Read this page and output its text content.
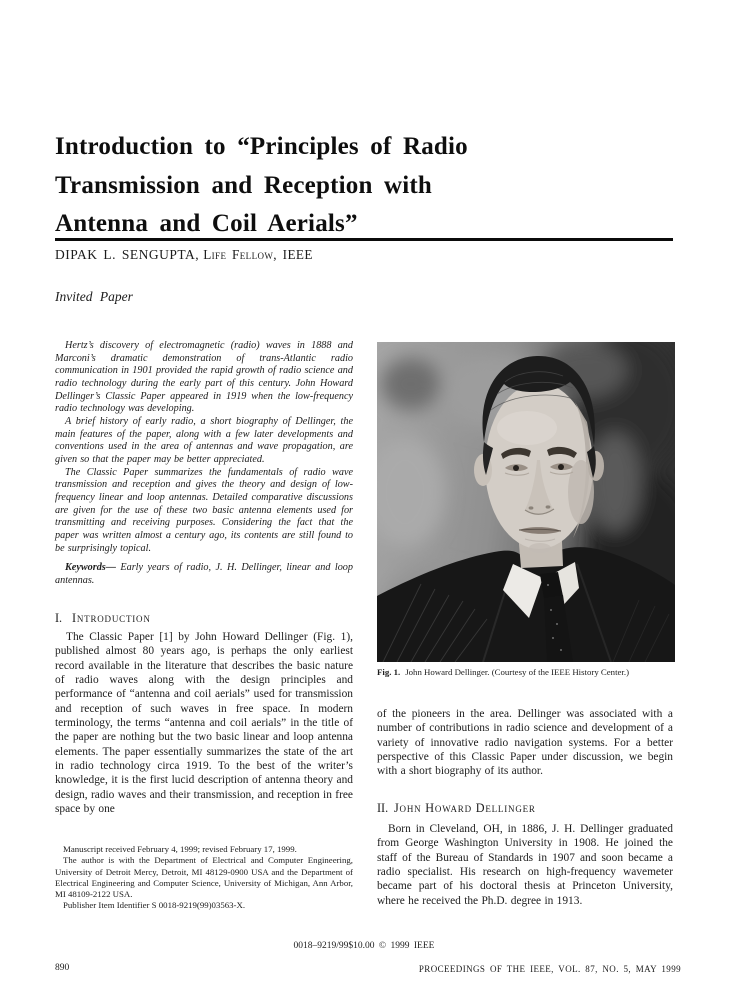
Introduction to “Principles of Radio
Transmission and Reception with
Antenna and Coil Aerials”
DIPAK L. SENGUPTA, Life Fellow, IEEE
Invited Paper

Hertz’s discovery of electromagnetic (radio) waves in 1888 and Marconi’s dramatic demonstration of trans-Atlantic radio communication in 1901 provided the rapid growth of radio science and radio technology during the early part of this century. John Howard Dellinger’s Classic Paper appeared in 1919 when the low-frequency radio technology was developing.

A brief history of early radio, a short biography of Dellinger, the main features of the paper, along with a few later developments and conventions used in the area of antennas and wave propagation, are given so that the paper may be better appreciated.

The Classic Paper summarizes the fundamentals of radio wave transmission and reception and gives the theory and design of low-frequency linear and loop antennas. Detailed comparative discussions are given for the use of these two basic antenna elements used for transmitting and receiving purposes. Considering the fact that the paper was written almost a century ago, its contents are still found to be surprisingly topical.

Keywords— Early years of radio, J. H. Dellinger, linear and loop antennas.

I. Introduction

The Classic Paper [1] by John Howard Dellinger (Fig. 1), published almost 80 years ago, is perhaps the only earliest record available in the literature that describes the basic nature of radio waves along with the design principles and performance of “antenna and coil aerials” used for transmission and reception of such waves in free space. In modern terminology, the terms “antenna and coil aerials” in the title of the paper are nothing but the two basic linear and loop antenna elements. The paper essentially summarizes the state of the art in radio technology circa 1919. To the best of the writer’s knowledge, it is the first lucid description of antenna theory and design, radio waves and their transmission, and reception in free space by one

Manuscript received February 4, 1999; revised February 17, 1999.

The author is with the Department of Electrical and Computer Engineering, University of Detroit Mercy, Detroit, MI 48129-0900 USA and the Department of Electrical Engineering and Computer Science, University of Michigan, Ann Arbor, MI 48109-2122 USA.

Publisher Item Identifier S 0018-9219(99)03563-X.

Fig. 1. John Howard Dellinger. (Courtesy of the IEEE History Center.)

of the pioneers in the area. Dellinger was associated with a number of contributions in radio science and development of a variety of innovative radio navigation systems. For a better perspective of this Classic Paper under discussion, we begin with a short biography of its author.

II. John Howard Dellinger

Born in Cleveland, OH, in 1886, J. H. Dellinger graduated from George Washington University in 1908. He joined the staff of the Bureau of Standards in 1907 and soon became a radio specialist. His research on high-frequency wavemeter became part of his doctoral thesis at Princeton University, where he received the Ph.D. degree in 1913.

0018–9219/99$10.00 © 1999 IEEE
890	PROCEEDINGS OF THE IEEE, VOL. 87, NO. 5, MAY 1999
